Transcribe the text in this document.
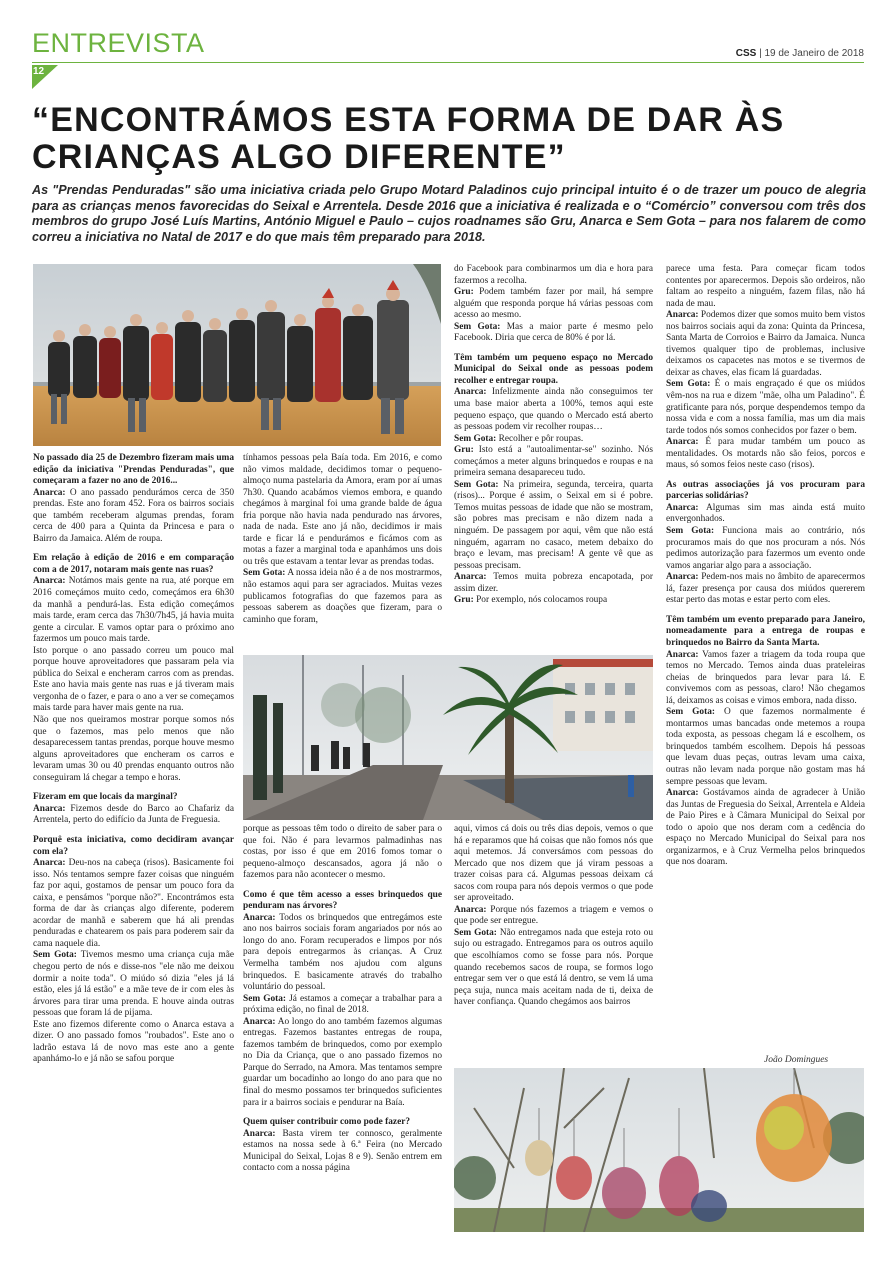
ENTREVISTA
12
CSS | 19 de Janeiro de 2018
“ENCONTRÁMOS ESTA FORMA DE DAR ÀS CRIANÇAS ALGO DIFERENTE”
As "Prendas Penduradas" são uma iniciativa criada pelo Grupo Motard Paladinos cujo principal intuito é o de trazer um pouco de alegria para as crianças menos favorecidas do Seixal e Arrentela. Desde 2016 que a iniciativa é realizada e o “Comércio” conversou com três dos membros do grupo José Luís Martins, António Miguel e Paulo – cujos roadnames são Gru, Anarca e Sem Gota – para nos falarem de como correu a iniciativa no Natal de 2017 e do que mais têm preparado para 2018.

No passado dia 25 de Dezembro fizeram mais uma edição da iniciativa "Prendas Penduradas", que começaram a fazer no ano de 2016...

Anarca: O ano passado pendurámos cerca de 350 prendas. Este ano foram 452. Fora os bairros sociais que também receberam algumas prendas, foram cerca de 400 para a Quinta da Princesa e para o Bairro da Jamaica. Além de roupa.

Em relação à edição de 2016 e em comparação com a de 2017, notaram mais gente nas ruas?

Anarca: Notámos mais gente na rua, até porque em 2016 começámos muito cedo, começámos era 6h30 da manhã a pendurá-las. Esta edição começámos mais tarde, eram cerca das 7h30/7h45, já havia muita gente a circular. E vamos optar para o próximo ano fazermos um pouco mais tarde.

Isto porque o ano passado correu um pouco mal porque houve aproveitadores que passaram pela via pública do Seixal e encheram carros com as prendas. Este ano havia mais gente nas ruas e já tiveram mais vergonha de o fazer, e para o ano a ver se começamos mais tarde para haver mais gente na rua.

Não que nos queiramos mostrar porque somos nós que o fazemos, mas pelo menos que não desaparecessem tantas prendas, porque houve mesmo alguns aproveitadores que encheram os carros e levaram umas 30 ou 40 prendas enquanto outros não conseguiram lá chegar a tempo e horas.

Fizeram em que locais da marginal?

Anarca: Fizemos desde do Barco ao Chafariz da Arrentela, perto do edifício da Junta de Freguesia.

Porquê esta iniciativa, como decidiram avançar com ela?

Anarca: Deu-nos na cabeça (risos). Basicamente foi isso. Nós tentamos sempre fazer coisas que ninguém faz por aqui, gostamos de pensar um pouco fora da caixa, e pensámos "porque não?". Encontrámos esta forma de dar às crianças algo diferente, poderem acordar de manhã e saberem que há ali prendas penduradas e chatearem os pais para poderem sair da cama naquele dia.

Sem Gota: Tivemos mesmo uma criança cuja mãe chegou perto de nós e disse-nos "ele não me deixou dormir a noite toda". O miúdo só dizia "eles já lá estão, eles já lá estão" e a mãe teve de ir com eles às árvores para tirar uma prenda. E houve ainda outras pessoas que foram lá de pijama.

Este ano fizemos diferente como o Anarca estava a dizer. O ano passado fomos "roubados". Este ano o ladrão estava lá de novo mas este ano a gente apanhámo-lo e já não se safou porque

tínhamos pessoas pela Baía toda. Em 2016, e como não vimos maldade, decidimos tomar o pequeno-almoço numa pastelaria da Amora, eram por aí umas 7h30. Quando acabámos viemos embora, e quando chegámos à marginal foi uma grande balde de água fria porque não havia nada pendurado nas árvores, nada de nada. Este ano já não, decidimos ir mais tarde e ficar lá e pendurámos e ficámos com as motas a fazer a marginal toda e apanhámos uns dois ou três que estavam a tentar levar as prendas todas.

Sem Gota: A nossa ideia não é a de nos mostrarmos, não estamos aqui para ser agraciados. Muitas vezes publicamos fotografias do que fazemos para as pessoas saberem as doações que fizeram, para o caminho que foram,

porque as pessoas têm todo o direito de saber para o que foi. Não é para levarmos palmadinhas nas costas, por isso é que em 2016 fomos tomar o pequeno-almoço descansados, agora já não o fazemos para não acontecer o mesmo.

Como é que têm acesso a esses brinquedos que penduram nas árvores?

Anarca: Todos os brinquedos que entregámos este ano nos bairros sociais foram angariados por nós ao longo do ano. Foram recuperados e limpos por nós para depois entregarmos às crianças. A Cruz Vermelha também nos ajudou com alguns brinquedos. E basicamente através do trabalho voluntário do pessoal.

Sem Gota: Já estamos a começar a trabalhar para a próxima edição, no final de 2018.

Anarca: Ao longo do ano também fazemos algumas entregas. Fazemos bastantes entregas de roupa, fazemos também de brinquedos, como por exemplo no Dia da Criança, que o ano passado fizemos no Parque do Serrado, na Amora. Mas tentamos sempre guardar um bocadinho ao longo do ano para que no final do mesmo possamos ter brinquedos suficientes para ir a bairros sociais e pendurar na Baía.

Quem quiser contribuir como pode fazer?

Anarca: Basta virem ter connosco, geralmente estamos na nossa sede à 6.ª Feira (no Mercado Municipal do Seixal, Lojas 8 e 9). Senão entrem em contacto com a nossa página

do Facebook para combinarmos um dia e hora para fazermos a recolha.

Gru: Podem também fazer por mail, há sempre alguém que responda porque há várias pessoas com acesso ao mesmo.

Sem Gota: Mas a maior parte é mesmo pelo Facebook. Diria que cerca de 80% é por lá.

Têm também um pequeno espaço no Mercado Municipal do Seixal onde as pessoas podem recolher e entregar roupa.

Anarca: Infelizmente ainda não conseguimos ter uma base maior aberta a 100%, temos aqui este pequeno espaço, que quando o Mercado está aberto as pessoas podem vir recolher roupas…

Sem Gota: Recolher e pôr roupas.

Gru: Isto está a "autoalimentar-se" sozinho. Nós começámos a meter alguns brinquedos e roupas e na primeira semana desapareceu tudo.

Sem Gota: Na primeira, segunda, terceira, quarta (risos)... Porque é assim, o Seixal em si é pobre. Temos muitas pessoas de idade que não se mostram, são pobres mas precisam e não dizem nada a ninguém. De passagem por aqui, vêm que não está ninguém, agarram no casaco, metem debaixo do braço e levam, mas precisam! A gente vê que as pessoas precisam.

Anarca: Temos muita pobreza encapotada, por assim dizer.

Gru: Por exemplo, nós colocamos roupa

aqui, vimos cá dois ou três dias depois, vemos o que há e reparamos que há coisas que não fomos nós que aqui metemos. Já conversámos com pessoas do Mercado que nos dizem que já viram pessoas a trazer coisas para cá. Algumas pessoas deixam cá sacos com roupa para nós depois vermos o que pode ser aproveitado.

Anarca: Porque nós fazemos a triagem e vemos o que pode ser entregue.

Sem Gota: Não entregamos nada que esteja roto ou sujo ou estragado. Entregamos para os outros aquilo que escolhíamos como se fosse para nós. Porque quando recebemos sacos de roupa, se formos logo entregar sem ver o que está lá dentro, se vem lá uma peça suja, nunca mais aceitam nada de ti, deixa de haver confiança. Quando chegámos aos bairros

parece uma festa. Para começar ficam todos contentes por aparecermos. Depois são ordeiros, não faltam ao respeito a ninguém, fazem filas, não há nada de mau.

Anarca: Podemos dizer que somos muito bem vistos nos bairros sociais aqui da zona: Quinta da Princesa, Santa Marta de Corroios e Bairro da Jamaica. Nunca tivemos qualquer tipo de problemas, inclusive deixamos os capacetes nas motos e se tivermos de deixar as chaves, elas ficam lá guardadas.

Sem Gota: É o mais engraçado é que os miúdos vêm-nos na rua e dizem "mãe, olha um Paladino". É gratificante para nós, porque despendemos tempo da nossa vida e com a nossa família, mas um dia mais tarde todos nós somos conhecidos por fazer o bem.

Anarca: É para mudar também um pouco as mentalidades. Os motards não são feios, porcos e maus, só somos feios neste caso (risos).

As outras associações já vos procuram para parcerias solidárias?

Anarca: Algumas sim mas ainda está muito envergonhados.

Sem Gota: Funciona mais ao contrário, nós procuramos mais do que nos procuram a nós. Nós pedimos autorização para fazermos um evento onde vamos angariar algo para a associação.

Anarca: Pedem-nos mais no âmbito de aparecermos lá, fazer presença por causa dos miúdos quererem estar perto das motas e estar perto com eles.

Têm também um evento preparado para Janeiro, nomeadamente para a entrega de roupas e brinquedos no Bairro da Santa Marta.

Anarca: Vamos fazer a triagem da toda roupa que temos no Mercado. Temos ainda duas prateleiras cheias de brinquedos para levar para lá. E convivemos com as pessoas, claro! Não chegamos lá, deixamos as coisas e vimos embora, nada disso.

Sem Gota: O que fazemos normalmente é montarmos umas bancadas onde metemos a roupa toda exposta, as pessoas chegam lá e escolhem, os brinquedos também escolhem. Depois há pessoas que levam duas peças, outras levam uma caixa, outras não levam nada porque não gostam mas há sempre pessoas que levam.

Anarca: Gostávamos ainda de agradecer à União das Juntas de Freguesia do Seixal, Arrentela e Aldeia de Paio Pires e à Câmara Municipal do Seixal por todo o apoio que nos deram com a cedência do espaço no Mercado Municipal do Seixal para nos organizarmos, e à Cruz Vermelha pelos brinquedos que nos doaram.

João Domingues
